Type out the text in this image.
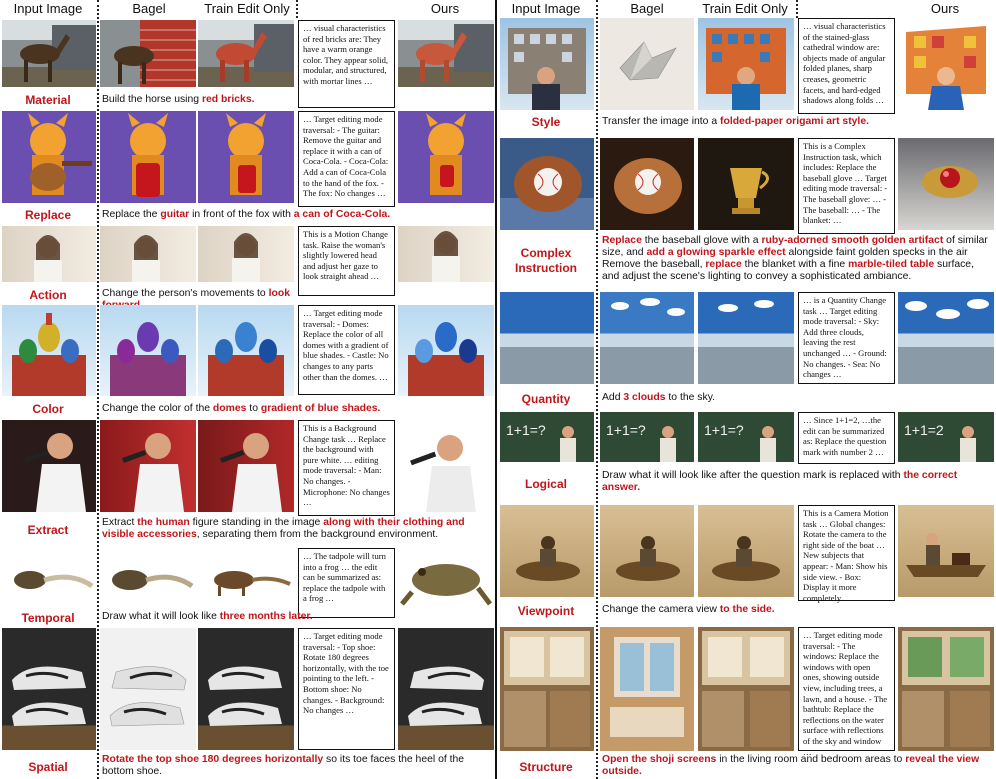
Input Image	Bagel	Train Edit Only	Ours
… visual characteristics of red bricks are: They have a warm orange color. They appear solid, modular, and structured, with mortar lines …
Material	Build the horse using red bricks.
… Target editing mode traversal: - The guitar: Remove the guitar and replace it with a can of Coca-Cola. - Coca-Cola: Add a can of Coca-Cola to the hand of the fox. - The fox: No changes …
Replace	Replace the guitar in front of the fox with a can of Coca-Cola.
This is a Motion Change task. Raise the woman's slightly lowered head and adjust her gaze to look straight ahead …
Action	Change the person's movements to look
… Target editing mode traversal: - Domes: Replace the color of all domes with a gradient of blue shades. - Castle: No changes to any parts other than the domes. …
Color	Change the color of the domes to gradient of blue shades.
This is a Background Change task … Replace the background with pure white. … editing mode traversal: - Man: No changes. - Microphone: No changes …
Extract
Extract the human figure standing in the image along with their clothing and visible accessories, separating them from the background environment.
… The tadpole will turn into a frog … the edit can be summarized as: replace the tadpole with a frog …
Temporal	Draw what it will look like three months later.
… Target editing mode traversal: - Top shoe: Rotate 180 degrees horizontally, with the toe pointing to the left. - Bottom shoe: No changes. - Background: No changes …
Spatial
Rotate the top shoe 180 degrees horizontally so its toe faces the heel of the bottom shoe.
Input Image	Bagel	Train Edit Only	Ours
… visual characteristics of the stained-glass cathedral window are: objects made of angular folded planes, sharp creases, geometric facets, and hard-edged shadows along folds …
Style	Transfer the image into a folded-paper origami art style.
This is a Complex Instruction task, which includes: Replace the baseball glove … Target editing mode traversal: - The baseball glove: … - The baseball: … - The blanket: …
Complex Instruction
Replace the baseball glove with a ruby-adorned smooth golden artifact of similar size, and add a glowing sparkle effect alongside faint golden specks in the air Remove the baseball, replace the blanket with a fine marble-tiled table surface, and adjust the scene's lighting to convey a sophisticated ambiance.
… is a Quantity Change task … Target editing mode traversal: - Sky: Add three clouds, leaving the rest unchanged … - Ground: No changes. - Sea: No changes …
Quantity	Add 3 clouds to the sky.
1+1=?	1+1=?	1+1=?
… Since 1+1=2, …the edit can be summarized as: Replace the question mark with number 2 …
1+1=2
Logical
Draw what it will look like after the question mark is replaced with the correct answer.
This is a Camera Motion task … Global changes: Rotate the camera to the right side of the boat … New subjects that appear: - Man: Show his side view. - Box: Display it more completely …
Viewpoint	Change the camera view to the side.
… Target editing mode traversal: - The windows: Replace the windows with open ones, showing outside view, including trees, a lawn, and a house. - The bathtub: Replace the reflections on the water surface with reflections of the sky and window …
Structure
Open the shoji screens in the living room and bedroom areas to reveal the view outside.
